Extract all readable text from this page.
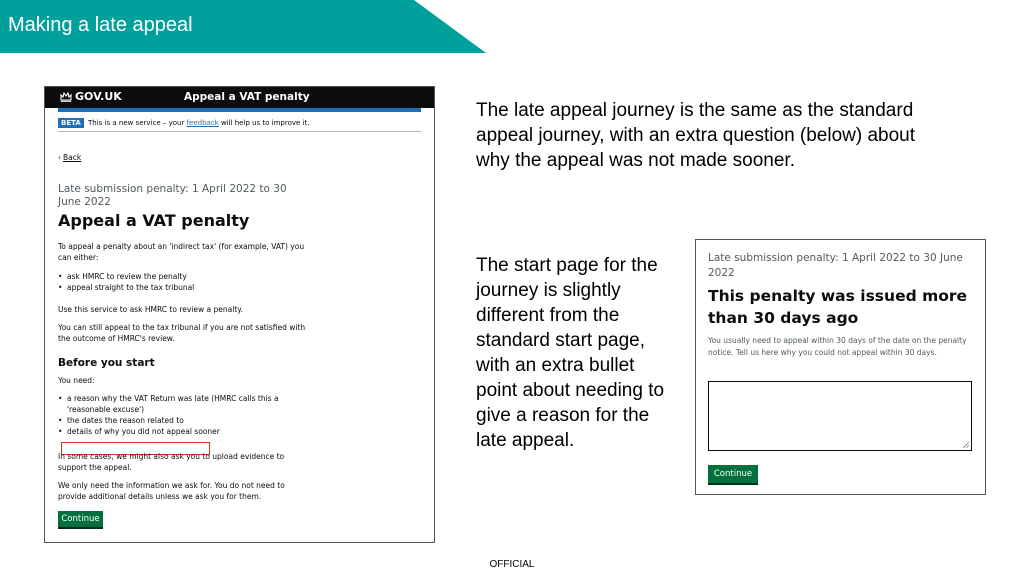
Making a late appeal
GOV.UK	Appeal a VAT penalty
BETA	This is a new service – your feedback will help us to improve it.
‹ Back
Late submission penalty: 1 April 2022 to 30 June 2022
Appeal a VAT penalty
To appeal a penalty about an 'indirect tax' (for example, VAT) you can either:
• ask HMRC to review the penalty
• appeal straight to the tax tribunal
Use this service to ask HMRC to review a penalty.
You can still appeal to the tax tribunal if you are not satisfied with the outcome of HMRC's review.
Before you start
You need:
• a reason why the VAT Return was late (HMRC calls this a 'reasonable excuse')
• the dates the reason related to
• details of why you did not appeal sooner
In some cases, we might also ask you to upload evidence to support the appeal.
We only need the information we ask for. You do not need to provide additional details unless we ask you for them.
Continue
The late appeal journey is the same as the standard appeal journey, with an extra question (below) about why the appeal was not made sooner.
The start page for the journey is slightly different from the standard start page, with an extra bullet point about needing to give a reason for the late appeal.
Late submission penalty: 1 April 2022 to 30 June 2022
This penalty was issued more than 30 days ago
You usually need to appeal within 30 days of the date on the penalty notice. Tell us here why you could not appeal within 30 days.
Continue
OFFICIAL
